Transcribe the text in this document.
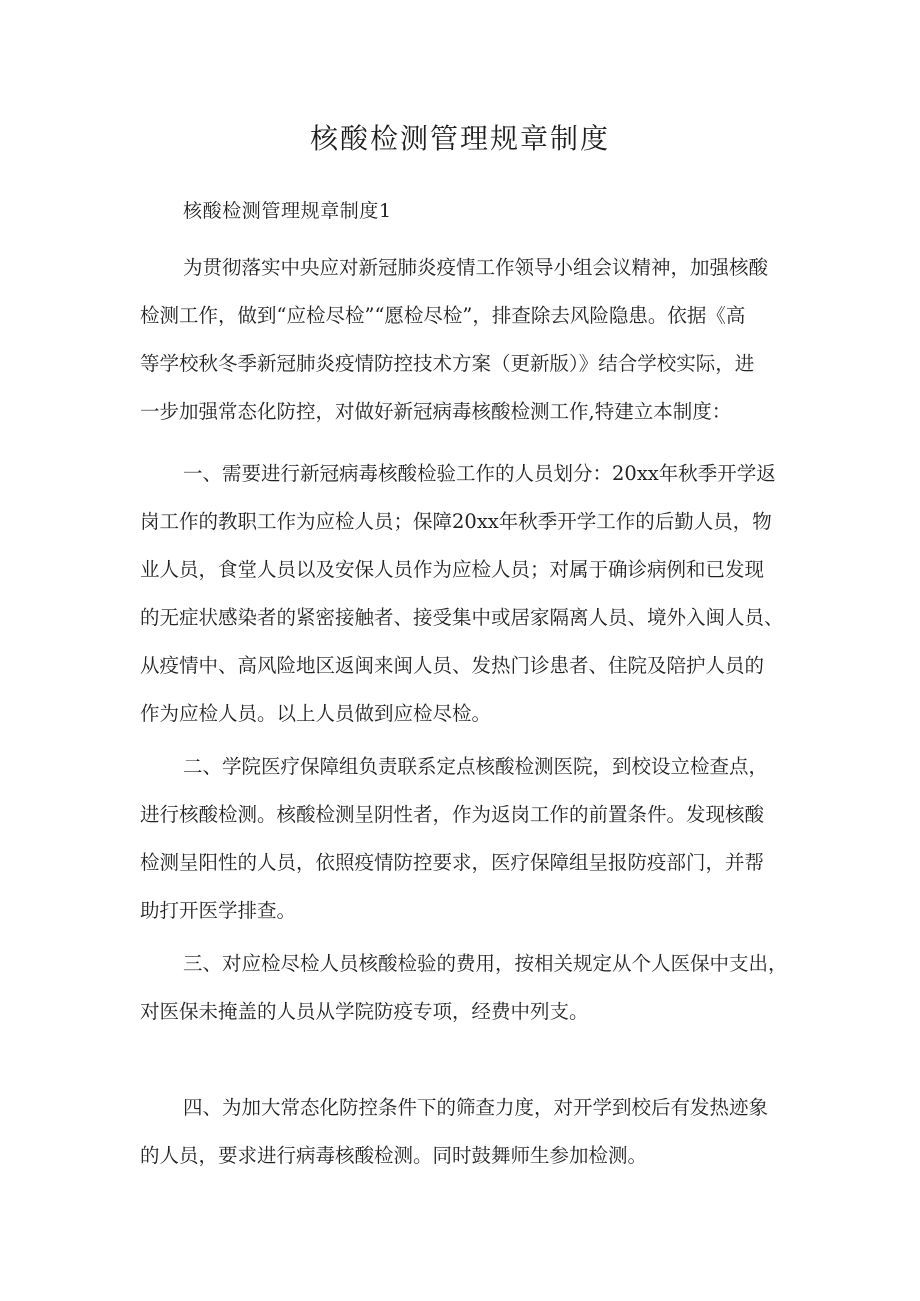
核酸检测管理规章制度

核酸检测管理规章制度1

为贯彻落实中央应对新冠肺炎疫情工作领导小组会议精神，加强核酸
检测工作，做到“应检尽检”“愿检尽检”，排查除去风险隐患。依据《高
等学校秋冬季新冠肺炎疫情防控技术方案（更新版）》结合学校实际，进
一步加强常态化防控，对做好新冠病毒核酸检测工作,特建立本制度：

一、需要进行新冠病毒核酸检验工作的人员划分：20xx年秋季开学返
岗工作的教职工作为应检人员；保障20xx年秋季开学工作的后勤人员，物
业人员，食堂人员以及安保人员作为应检人员；对属于确诊病例和已发现
的无症状感染者的紧密接触者、接受集中或居家隔离人员、境外入闽人员、
从疫情中、高风险地区返闽来闽人员、发热门诊患者、住院及陪护人员的
作为应检人员。以上人员做到应检尽检。

二、学院医疗保障组负责联系定点核酸检测医院，到校设立检查点，
进行核酸检测。核酸检测呈阴性者，作为返岗工作的前置条件。发现核酸
检测呈阳性的人员，依照疫情防控要求，医疗保障组呈报防疫部门，并帮
助打开医学排查。

三、对应检尽检人员核酸检验的费用，按相关规定从个人医保中支出，
对医保未掩盖的人员从学院防疫专项，经费中列支。

四、为加大常态化防控条件下的筛查力度，对开学到校后有发热迹象
的人员，要求进行病毒核酸检测。同时鼓舞师生参加检测。
